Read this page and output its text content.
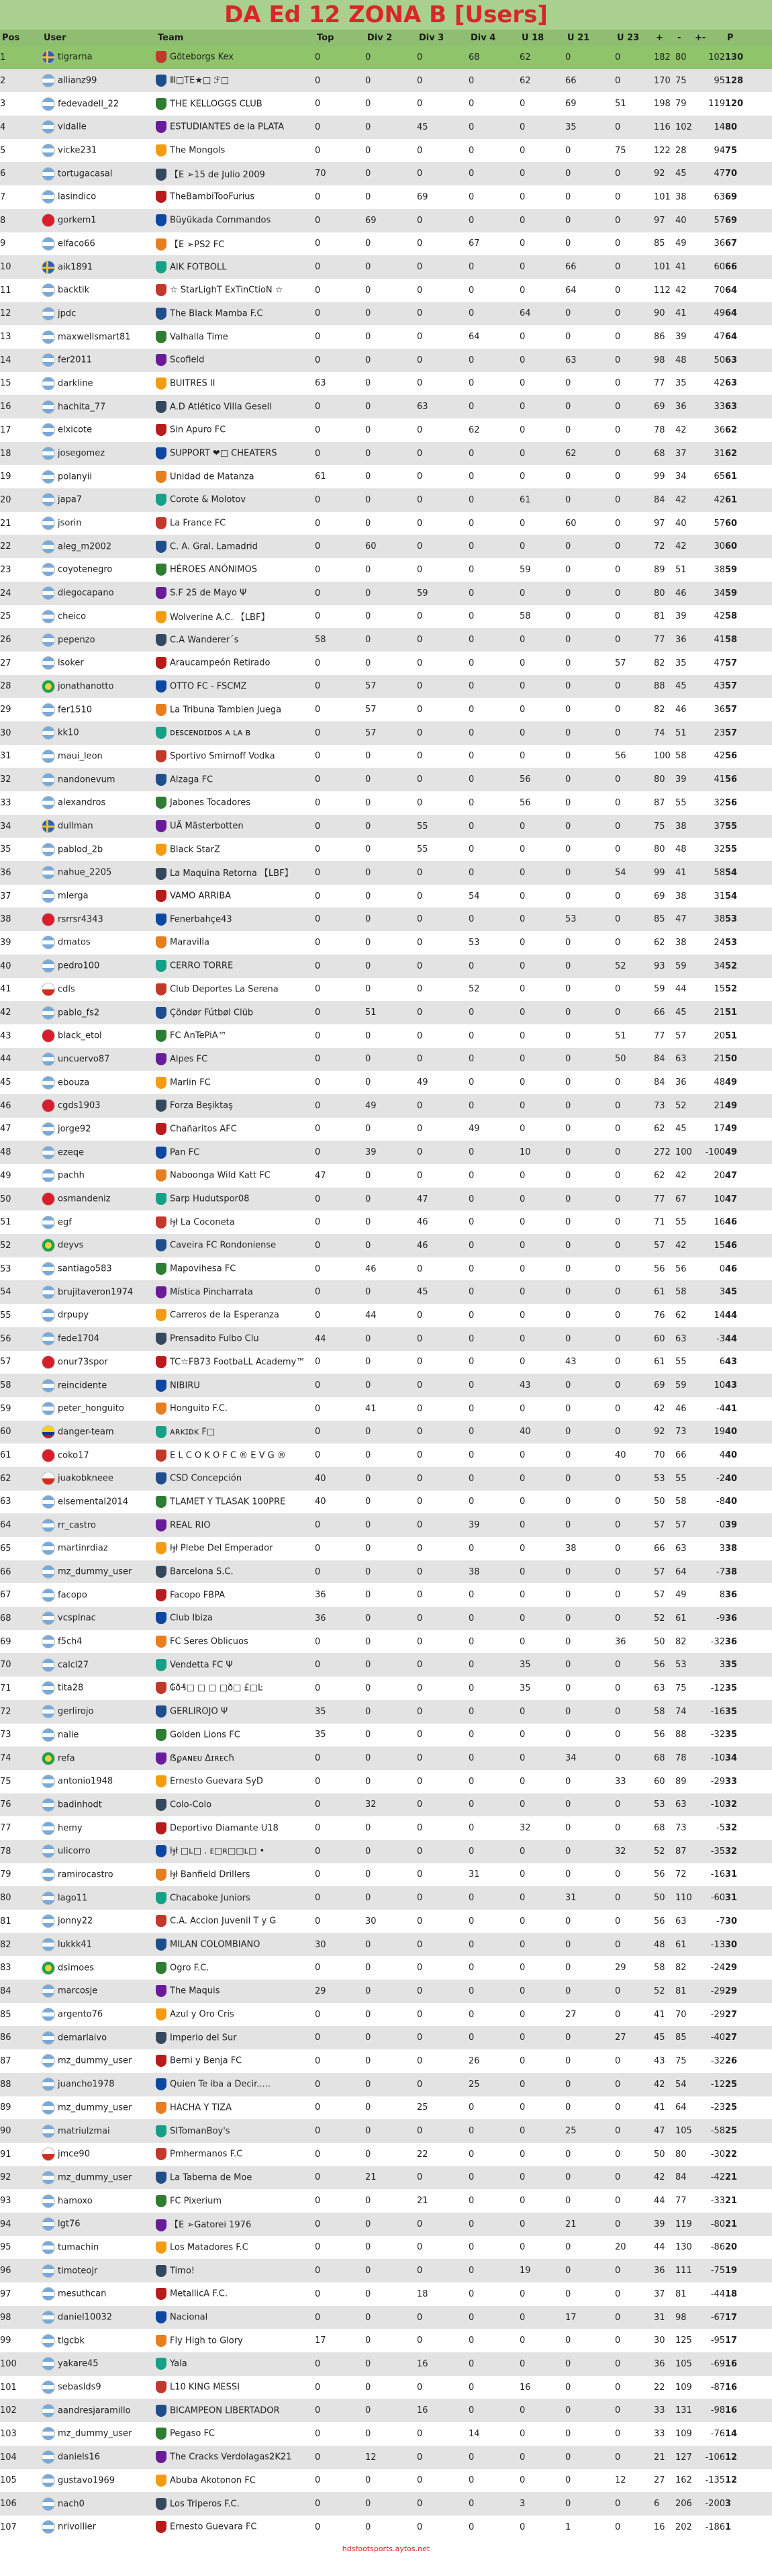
DA Ed 12 ZONA B [Users]
Pos	User	Team	Top	Div 2	Div 3	Div 4	U 18	U 21	U 23	+	-	+-	P
1	tigrarna	Göteborgs Kex	0	0	0	68	62	0	0	182	80	102	130
2	allianz99	Ⅲ□TE★□ ℱ□	0	0	0	0	62	66	0	170	75	95	128
3	fedevadell_22	THE KELLOGGS CLUB	0	0	0	0	0	69	51	198	79	119	120
4	vidalle	ESTUDIANTES de la PLATA	0	0	45	0	0	35	0	116	102	14	80
5	vicke231	The Mongols	0	0	0	0	0	0	75	122	28	94	75
6	tortugacasal	【E ➢15 de Julio 2009	70	0	0	0	0	0	0	92	45	47	70
7	lasindico	TheBambiTooFurius	0	0	69	0	0	0	0	101	38	63	69
8	gorkem1	Büyükada Commandos	0	69	0	0	0	0	0	97	40	57	69
9	elfaco66	【E ➢PS2 FC	0	0	0	67	0	0	0	85	49	36	67
10	aik1891	AIK FOTBOLL	0	0	0	0	0	66	0	101	41	60	66
11	backtik	☆ StarLighT ExTinCtioN ☆	0	0	0	0	0	64	0	112	42	70	64
12	jpdc	The Black Mamba F.C	0	0	0	0	64	0	0	90	41	49	64
13	maxwellsmart81	Valhalla Time	0	0	0	64	0	0	0	86	39	47	64
14	fer2011	Scofield	0	0	0	0	0	63	0	98	48	50	63
15	darkline	BUITRES II	63	0	0	0	0	0	0	77	35	42	63
16	hachita_77	A.D Atlético Villa Gesell	0	0	63	0	0	0	0	69	36	33	63
17	elxicote	Sin Apuro FC	0	0	0	62	0	0	0	78	42	36	62
18	josegomez	SUPPORT ❤□ CHEATERS	0	0	0	0	0	62	0	68	37	31	62
19	polanyii	Unidad de Matanza	61	0	0	0	0	0	0	99	34	65	61
20	japa7	Corote & Molotov	0	0	0	0	61	0	0	84	42	42	61
21	jsorin	La France FC	0	0	0	0	0	60	0	97	40	57	60
22	aleg_m2002	C. A. Gral. Lamadrid	0	60	0	0	0	0	0	72	42	30	60
23	coyotenegro	HÉROES ANÓNIMOS	0	0	0	0	59	0	0	89	51	38	59
24	diegocapano	S.F 25 de Mayo Ψ	0	0	59	0	0	0	0	80	46	34	59
25	cheico	Wolverine A.C. 【LBF】	0	0	0	0	58	0	0	81	39	42	58
26	pepenzo	C.A Wanderer´s	58	0	0	0	0	0	0	77	36	41	58
27	lsoker	Araucampeón Retirado	0	0	0	0	0	0	57	82	35	47	57
28	jonathanotto	OTTO FC - FSCMZ	0	57	0	0	0	0	0	88	45	43	57
29	fer1510	La Tribuna Tambien Juega	0	57	0	0	0	0	0	82	46	36	57
30	kk10	ᴅᴇsᴄᴇɴᴅɪᴅᴏs ᴀ ʟᴀ ʙ	0	57	0	0	0	0	0	74	51	23	57
31	maui_leon	Sportivo Smirnoff Vodka	0	0	0	0	0	0	56	100	58	42	56
32	nandonevum	Alzaga FC	0	0	0	0	56	0	0	80	39	41	56
33	alexandros	Jabones Tocadores	0	0	0	0	56	0	0	87	55	32	56
34	dullman	UÄ Mästerbotten	0	0	55	0	0	0	0	75	38	37	55
35	pablod_2b	Black StarZ	0	0	55	0	0	0	0	80	48	32	55
36	nahue_2205	La Maquina Retorna 【LBF】	0	0	0	0	0	0	54	99	41	58	54
37	mlerga	VAMO ARRIBA	0	0	0	54	0	0	0	69	38	31	54
38	rsrrsr4343	Fenerbahçe43	0	0	0	0	0	53	0	85	47	38	53
39	dmatos	Maravilla	0	0	0	53	0	0	0	62	38	24	53
40	pedro100	CERRO TORRE	0	0	0	0	0	0	52	93	59	34	52
41	cdls	Club Deportes La Serena	0	0	0	52	0	0	0	59	44	15	52
42	pablo_fs2	Çöndør Fútbøl Clüb	0	51	0	0	0	0	0	66	45	21	51
43	black_etol	FC AnTePiA™	0	0	0	0	0	0	51	77	57	20	51
44	uncuervo87	Alpes FC	0	0	0	0	0	0	50	84	63	21	50
45	ebouza	Marlin FC	0	0	49	0	0	0	0	84	36	48	49
46	cgds1903	Forza Beşiktaş	0	49	0	0	0	0	0	73	52	21	49
47	jorge92	Chañaritos AFC	0	0	0	49	0	0	0	62	45	17	49
48	ezeqe	Pan FC	0	39	0	0	10	0	0	272	100	-100	49
49	pachh	Naboonga Wild Katt FC	47	0	0	0	0	0	0	62	42	20	47
50	osmandeniz	Sarp Hudutspor08	0	0	47	0	0	0	0	77	67	10	47
51	egf	ŀɟł La Coconeta	0	0	46	0	0	0	0	71	55	16	46
52	deyvs	Caveira FC Rondoniense	0	0	46	0	0	0	0	57	42	15	46
53	santiago583	Mapovihesa FC	0	46	0	0	0	0	0	56	56	0	46
54	brujitaveron1974	Mística Pincharrata	0	0	45	0	0	0	0	61	58	3	45
55	drpupy	Carreros de la Esperanza	0	44	0	0	0	0	0	76	62	14	44
56	fede1704	Prensadito Fulbo Clu	44	0	0	0	0	0	0	60	63	-3	44
57	onur73spor	TC☆FB73 FootbaLL Academy™	0	0	0	0	0	43	0	61	55	6	43
58	reincidente	NIBIRU	0	0	0	0	43	0	0	69	59	10	43
59	peter_honguito	Honguito F.C.	0	41	0	0	0	0	0	42	46	-4	41
60	danger-team	ᴀʀᴋɪᴅᴋ F□	0	0	0	0	40	0	0	92	73	19	40
61	coko17	E L C O K O F C ® E V G ®	0	0	0	0	0	0	40	70	66	4	40
62	juakobkneee	CSD Concepción	40	0	0	0	0	0	0	53	55	-2	40
63	elsemental2014	TLAMET Y TLASAK 100PRE	40	0	0	0	0	0	0	50	58	-8	40
64	rr_castro	REAL RIO	0	0	0	39	0	0	0	57	57	0	39
65	martinrdiaz	ŀɟł Plebe Del Emperador	0	0	0	0	0	38	0	66	63	3	38
66	mz_dummy_user	Barcelona S.C.	0	0	0	38	0	0	0	57	64	-7	38
67	facopo	Facopo FBPA	36	0	0	0	0	0	0	57	49	8	36
68	vcsplnac	Club Ibiza	36	0	0	0	0	0	0	52	61	-9	36
69	f5ch4	FC Seres Oblicuos	0	0	0	0	0	0	36	50	82	-32	36
70	calcl27	Vendetta FC Ψ	0	0	0	0	35	0	0	56	53	3	35
71	tita28	₲ð₰□ □ □ □ð□ £□Ŀ	0	0	0	0	35	0	0	63	75	-12	35
72	gerlirojo	GERLIROJO Ψ	35	0	0	0	0	0	0	58	74	-16	35
73	nalie	Golden Lions FC	35	0	0	0	0	0	0	56	88	-32	35
74	refa	ẞϼᴀɴᴇᴜ Δɪʀᴇᴄħ	0	0	0	0	0	34	0	68	78	-10	34
75	antonio1948	Ernesto Guevara SyD	0	0	0	0	0	0	33	60	89	-29	33
76	badinhodt	Colo-Colo	0	32	0	0	0	0	0	53	63	-10	32
77	hemy	Deportivo Diamante U18	0	0	0	0	32	0	0	68	73	-5	32
78	ulicorro	ŀɟł □ʟ□ . ᴇ□ʀ□□ʟ□ •	0	0	0	0	0	0	32	52	87	-35	32
79	ramirocastro	ŀɟł Banfield Drillers	0	0	0	31	0	0	0	56	72	-16	31
80	lago11	Chacaboke Juniors	0	0	0	0	0	31	0	50	110	-60	31
81	jonny22	C.A. Accion Juvenil T y G	0	30	0	0	0	0	0	56	63	-7	30
82	lukkk41	MILAN COLOMBIANO	30	0	0	0	0	0	0	48	61	-13	30
83	dsimoes	Ogro F.C.	0	0	0	0	0	0	29	58	82	-24	29
84	marcosje	The Maquis	29	0	0	0	0	0	0	52	81	-29	29
85	argento76	Azul y Oro Cris	0	0	0	0	0	27	0	41	70	-29	27
86	demarlaivo	Imperio del Sur	0	0	0	0	0	0	27	45	85	-40	27
87	mz_dummy_user	Berni y Benja FC	0	0	0	26	0	0	0	43	75	-32	26
88	juancho1978	Quien Te iba a Decir.....	0	0	0	25	0	0	0	42	54	-12	25
89	mz_dummy_user	HACHA Y TIZA	0	0	25	0	0	0	0	41	64	-23	25
90	matriulzmai	SITomanBoy's	0	0	0	0	0	25	0	47	105	-58	25
91	jmce90	Pmhermanos F.C	0	0	22	0	0	0	0	50	80	-30	22
92	mz_dummy_user	La Taberna de Moe	0	21	0	0	0	0	0	42	84	-42	21
93	hamoxo	FC Pixerium	0	0	21	0	0	0	0	44	77	-33	21
94	lgt76	【E ➢Gatorei 1976	0	0	0	0	0	21	0	39	119	-80	21
95	tumachin	Los Matadores F.C	0	0	0	0	0	0	20	44	130	-86	20
96	timoteojr	Timo!	0	0	0	0	19	0	0	36	111	-75	19
97	mesuthcan	MetallicA F.C.	0	0	18	0	0	0	0	37	81	-44	18
98	daniel10032	Nacional	0	0	0	0	0	17	0	31	98	-67	17
99	tlgcbk	Fly High to Glory	17	0	0	0	0	0	0	30	125	-95	17
100	yakare45	Yala	0	0	16	0	0	0	0	36	105	-69	16
101	sebaslds9	L10 KING MESSI	0	0	0	0	16	0	0	22	109	-87	16
102	aandresjaramillo	BICAMPEON LIBERTADOR	0	0	16	0	0	0	0	33	131	-98	16
103	mz_dummy_user	Pegaso FC	0	0	0	14	0	0	0	33	109	-76	14
104	daniels16	The Cracks Verdolagas2K21	0	12	0	0	0	0	0	21	127	-106	12
105	gustavo1969	Abuba Akotonon FC	0	0	0	0	0	0	12	27	162	-135	12
106	nach0	Los Triperos F.C.	0	0	0	0	3	0	0	6	206	-200	3
107	nrivollier	Ernesto Guevara FC	0	0	0	0	0	1	0	16	202	-186	1
hdsfootsports.aytos.net
